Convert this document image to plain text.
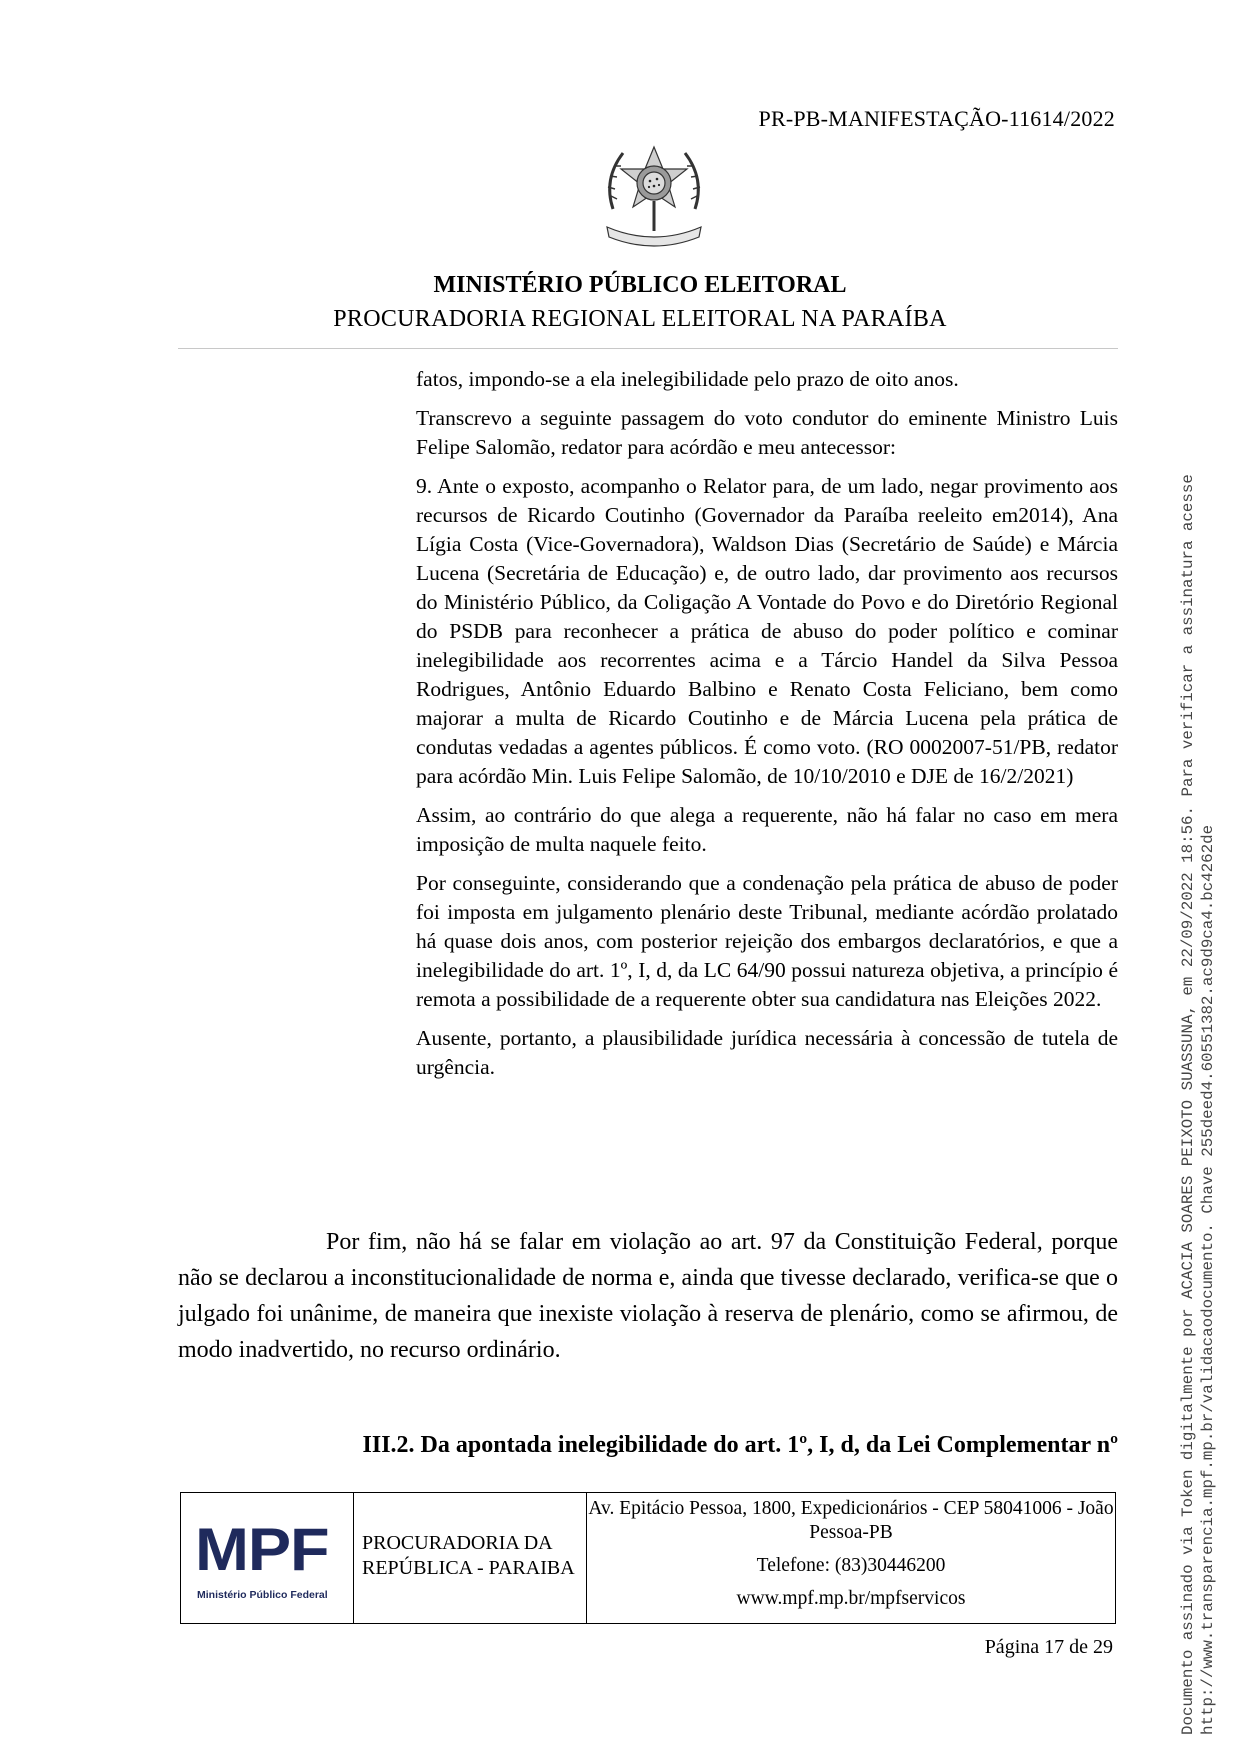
PR-PB-MANIFESTAÇÃO-11614/2022
MINISTÉRIO PÚBLICO ELEITORAL
PROCURADORIA REGIONAL ELEITORAL NA PARAÍBA

fatos, impondo-se a ela inelegibilidade pelo prazo de oito anos.

Transcrevo a seguinte passagem do voto condutor do eminente Ministro Luis Felipe Salomão, redator para acórdão e meu antecessor:

9. Ante o exposto, acompanho o Relator para, de um lado, negar provimento aos recursos de Ricardo Coutinho (Governador da Paraíba reeleito em2014), Ana Lígia Costa (Vice-Governadora), Waldson Dias (Secretário de Saúde) e Márcia Lucena (Secretária de Educação) e, de outro lado, dar provimento aos recursos do Ministério Público, da Coligação A Vontade do Povo e do Diretório Regional do PSDB para reconhecer a prática de abuso do poder político e cominar inelegibilidade aos recorrentes acima e a Tárcio Handel da Silva Pessoa Rodrigues, Antônio Eduardo Balbino e Renato Costa Feliciano, bem como majorar a multa de Ricardo Coutinho e de Márcia Lucena pela prática de condutas vedadas a agentes públicos. É como voto. (RO 0002007-51/PB, redator para acórdão Min. Luis Felipe Salomão, de 10/10/2010 e DJE de 16/2/2021)

Assim, ao contrário do que alega a requerente, não há falar no caso em mera imposição de multa naquele feito.

Por conseguinte, considerando que a condenação pela prática de abuso de poder foi imposta em julgamento plenário deste Tribunal, mediante acórdão prolatado há quase dois anos, com posterior rejeição dos embargos declaratórios, e que a inelegibilidade do art. 1º, I, d, da LC 64/90 possui natureza objetiva, a princípio é remota a possibilidade de a requerente obter sua candidatura nas Eleições 2022.

Ausente, portanto, a plausibilidade jurídica necessária à concessão de tutela de urgência.

Por fim, não há se falar em violação ao art. 97 da Constituição Federal, porque não se declarou a inconstitucionalidade de norma e, ainda que tivesse declarado, verifica-se que o julgado foi unânime, de maneira que inexiste violação à reserva de plenário, como se afirmou, de modo inadvertido, no recurso ordinário.

III.2. Da apontada inelegibilidade do art. 1º, I, d, da Lei Complementar nº
MPF
Ministério Público Federal
PROCURADORIA DA REPÚBLICA - PARAIBA
Av. Epitácio Pessoa, 1800, Expedicionários - CEP 58041006 - João Pessoa-PB
Telefone: (83)30446200
www.mpf.mp.br/mpfservicos
Página 17 de 29	Documento assinado via Token digitalmente por ACACIA SOARES PEIXOTO SUASSUNA, em 22/09/2022 18:56. Para verificar a assinatura acesse http://www.transparencia.mpf.mp.br/validacaodocumento. Chave 255deed4.60551382.ac9d9ca4.bc4262de
